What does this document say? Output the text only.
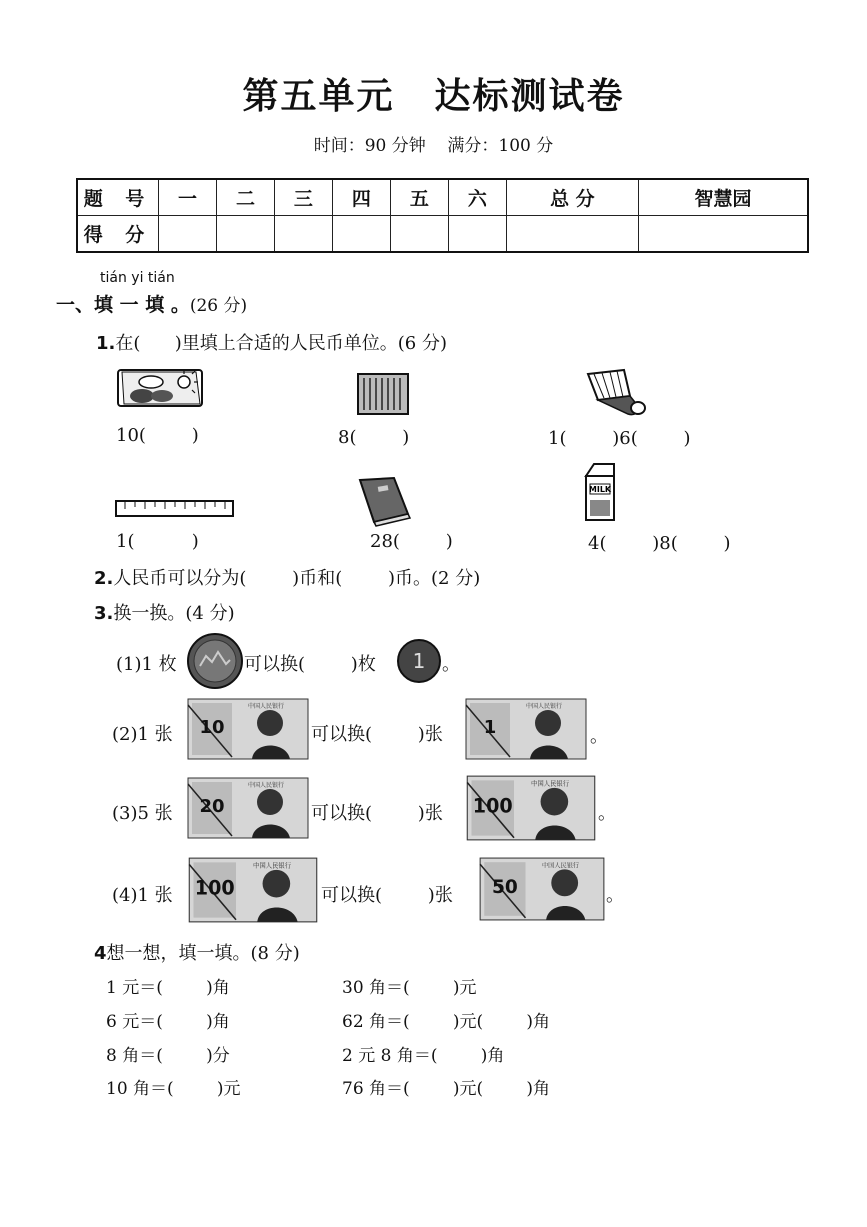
第五单元 达标测试卷
时间：90 分钟    满分：100 分
题 号	一	二	三	四	五	六	总 分	智慧园
得 分								
tián yi tián
一、填 一 填 。(26 分)
1.在(      )里填上合适的人民币单位。(6 分)
10(        )	8(        )	1(        )6(        )
1(          )	28(        )
MILK
4(        )8(        )
2.人民币可以分为(        )币和(        )币。(2 分)
3.换一换。(4 分)
(1)1 枚	可以换(        )枚 1 。
(2)1 张
中国人民银行
10	可以换(        )张
中国人民银行
1	。
(3)5 张
中国人民银行
20	可以换(        )张
中国人民银行
100	。
(4)1 张
中国人民银行
100	可以换(        )张
中国人民银行
50	。
4想一想，填一填。(8 分)
1 元＝(        )角
6 元＝(        )角
8 角＝(        )分
10 角＝(        )元
30 角＝(        )元
62 角＝(        )元(        )角
2 元 8 角＝(        )角
76 角＝(        )元(        )角
